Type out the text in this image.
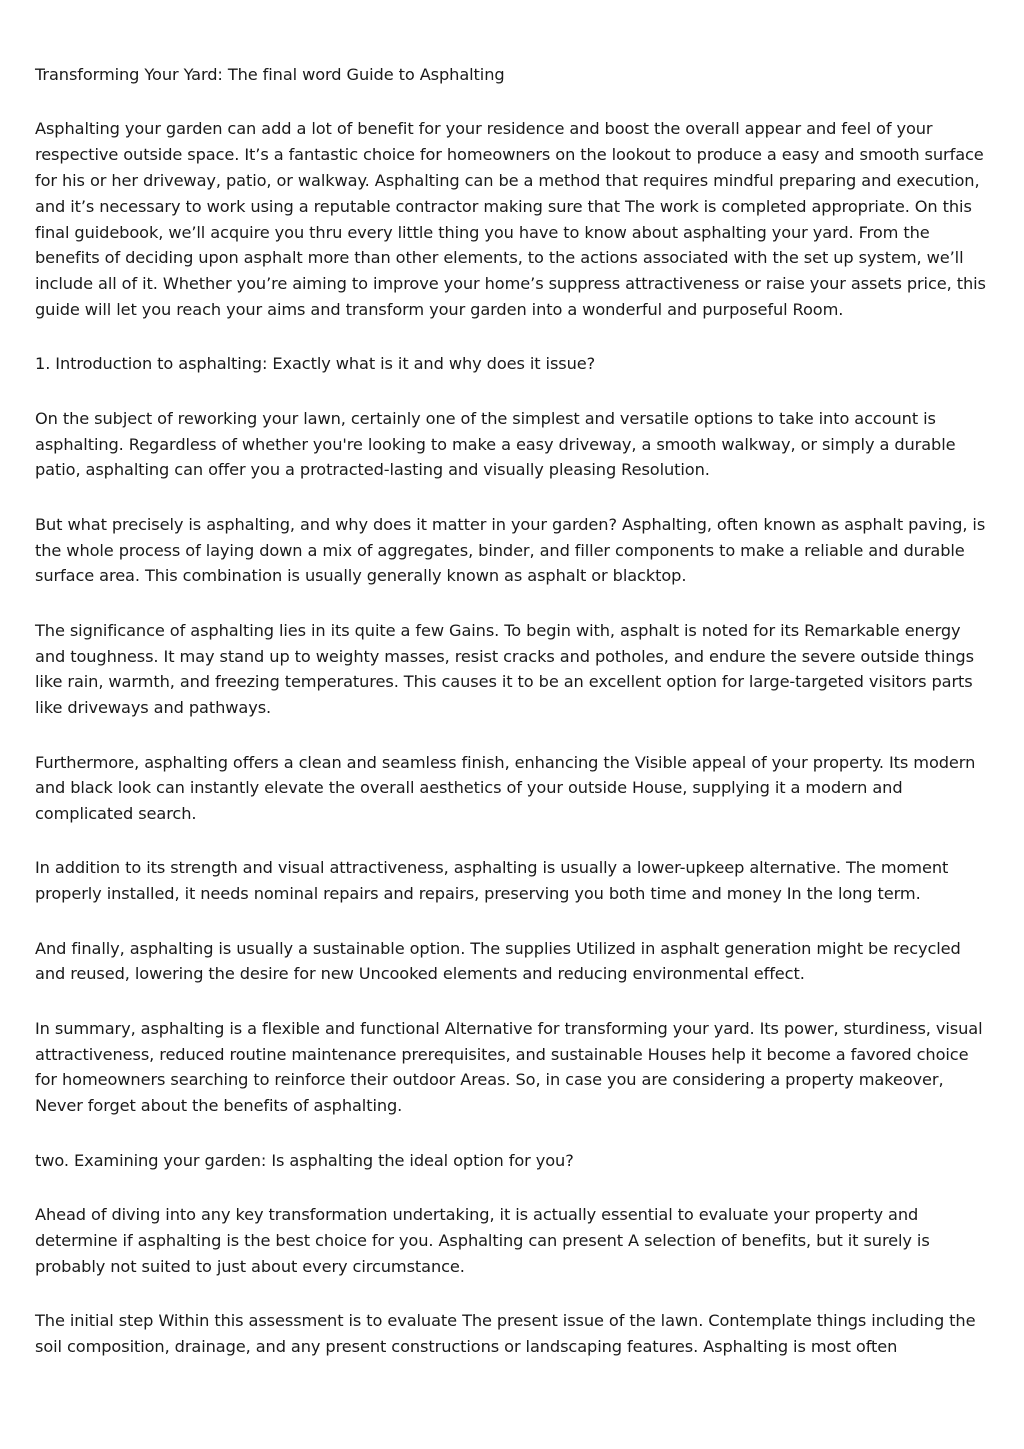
Transforming Your Yard: The final word Guide to Asphalting

Asphalting your garden can add a lot of benefit for your residence and boost the overall appear and feel of your respective outside space. It’s a fantastic choice for homeowners on the lookout to produce a easy and smooth surface for his or her driveway, patio, or walkway. Asphalting can be a method that requires mindful preparing and execution, and it’s necessary to work using a reputable contractor making sure that The work is completed appropriate. On this final guidebook, we’ll acquire you thru every little thing you have to know about asphalting your yard. From the benefits of deciding upon asphalt more than other elements, to the actions associated with the set up system, we’ll include all of it. Whether you’re aiming to improve your home’s suppress attractiveness or raise your assets price, this guide will let you reach your aims and transform your garden into a wonderful and purposeful Room.

1. Introduction to asphalting: Exactly what is it and why does it issue?

On the subject of reworking your lawn, certainly one of the simplest and versatile options to take into account is asphalting. Regardless of whether you're looking to make a easy driveway, a smooth walkway, or simply a durable patio, asphalting can offer you a protracted-lasting and visually pleasing Resolution.

But what precisely is asphalting, and why does it matter in your garden? Asphalting, often known as asphalt paving, is the whole process of laying down a mix of aggregates, binder, and filler components to make a reliable and durable surface area. This combination is usually generally known as asphalt or blacktop.

The significance of asphalting lies in its quite a few Gains. To begin with, asphalt is noted for its Remarkable energy and toughness. It may stand up to weighty masses, resist cracks and potholes, and endure the severe outside things like rain, warmth, and freezing temperatures. This causes it to be an excellent option for large-targeted visitors parts like driveways and pathways.

Furthermore, asphalting offers a clean and seamless finish, enhancing the Visible appeal of your property. Its modern and black look can instantly elevate the overall aesthetics of your outside House, supplying it a modern and complicated search.

In addition to its strength and visual attractiveness, asphalting is usually a lower-upkeep alternative. The moment properly installed, it needs nominal repairs and repairs, preserving you both time and money In the long term.

And finally, asphalting is usually a sustainable option. The supplies Utilized in asphalt generation might be recycled and reused, lowering the desire for new Uncooked elements and reducing environmental effect.

In summary, asphalting is a flexible and functional Alternative for transforming your yard. Its power, sturdiness, visual attractiveness, reduced routine maintenance prerequisites, and sustainable Houses help it become a favored choice for homeowners searching to reinforce their outdoor Areas. So, in case you are considering a property makeover, Never forget about the benefits of asphalting.

two. Examining your garden: Is asphalting the ideal option for you?

Ahead of diving into any key transformation undertaking, it is actually essential to evaluate your property and determine if asphalting is the best choice for you. Asphalting can present A selection of benefits, but it surely is probably not suited to just about every circumstance.

The initial step Within this assessment is to evaluate The present issue of the lawn. Contemplate things including the soil composition, drainage, and any present constructions or landscaping features. Asphalting is most often
